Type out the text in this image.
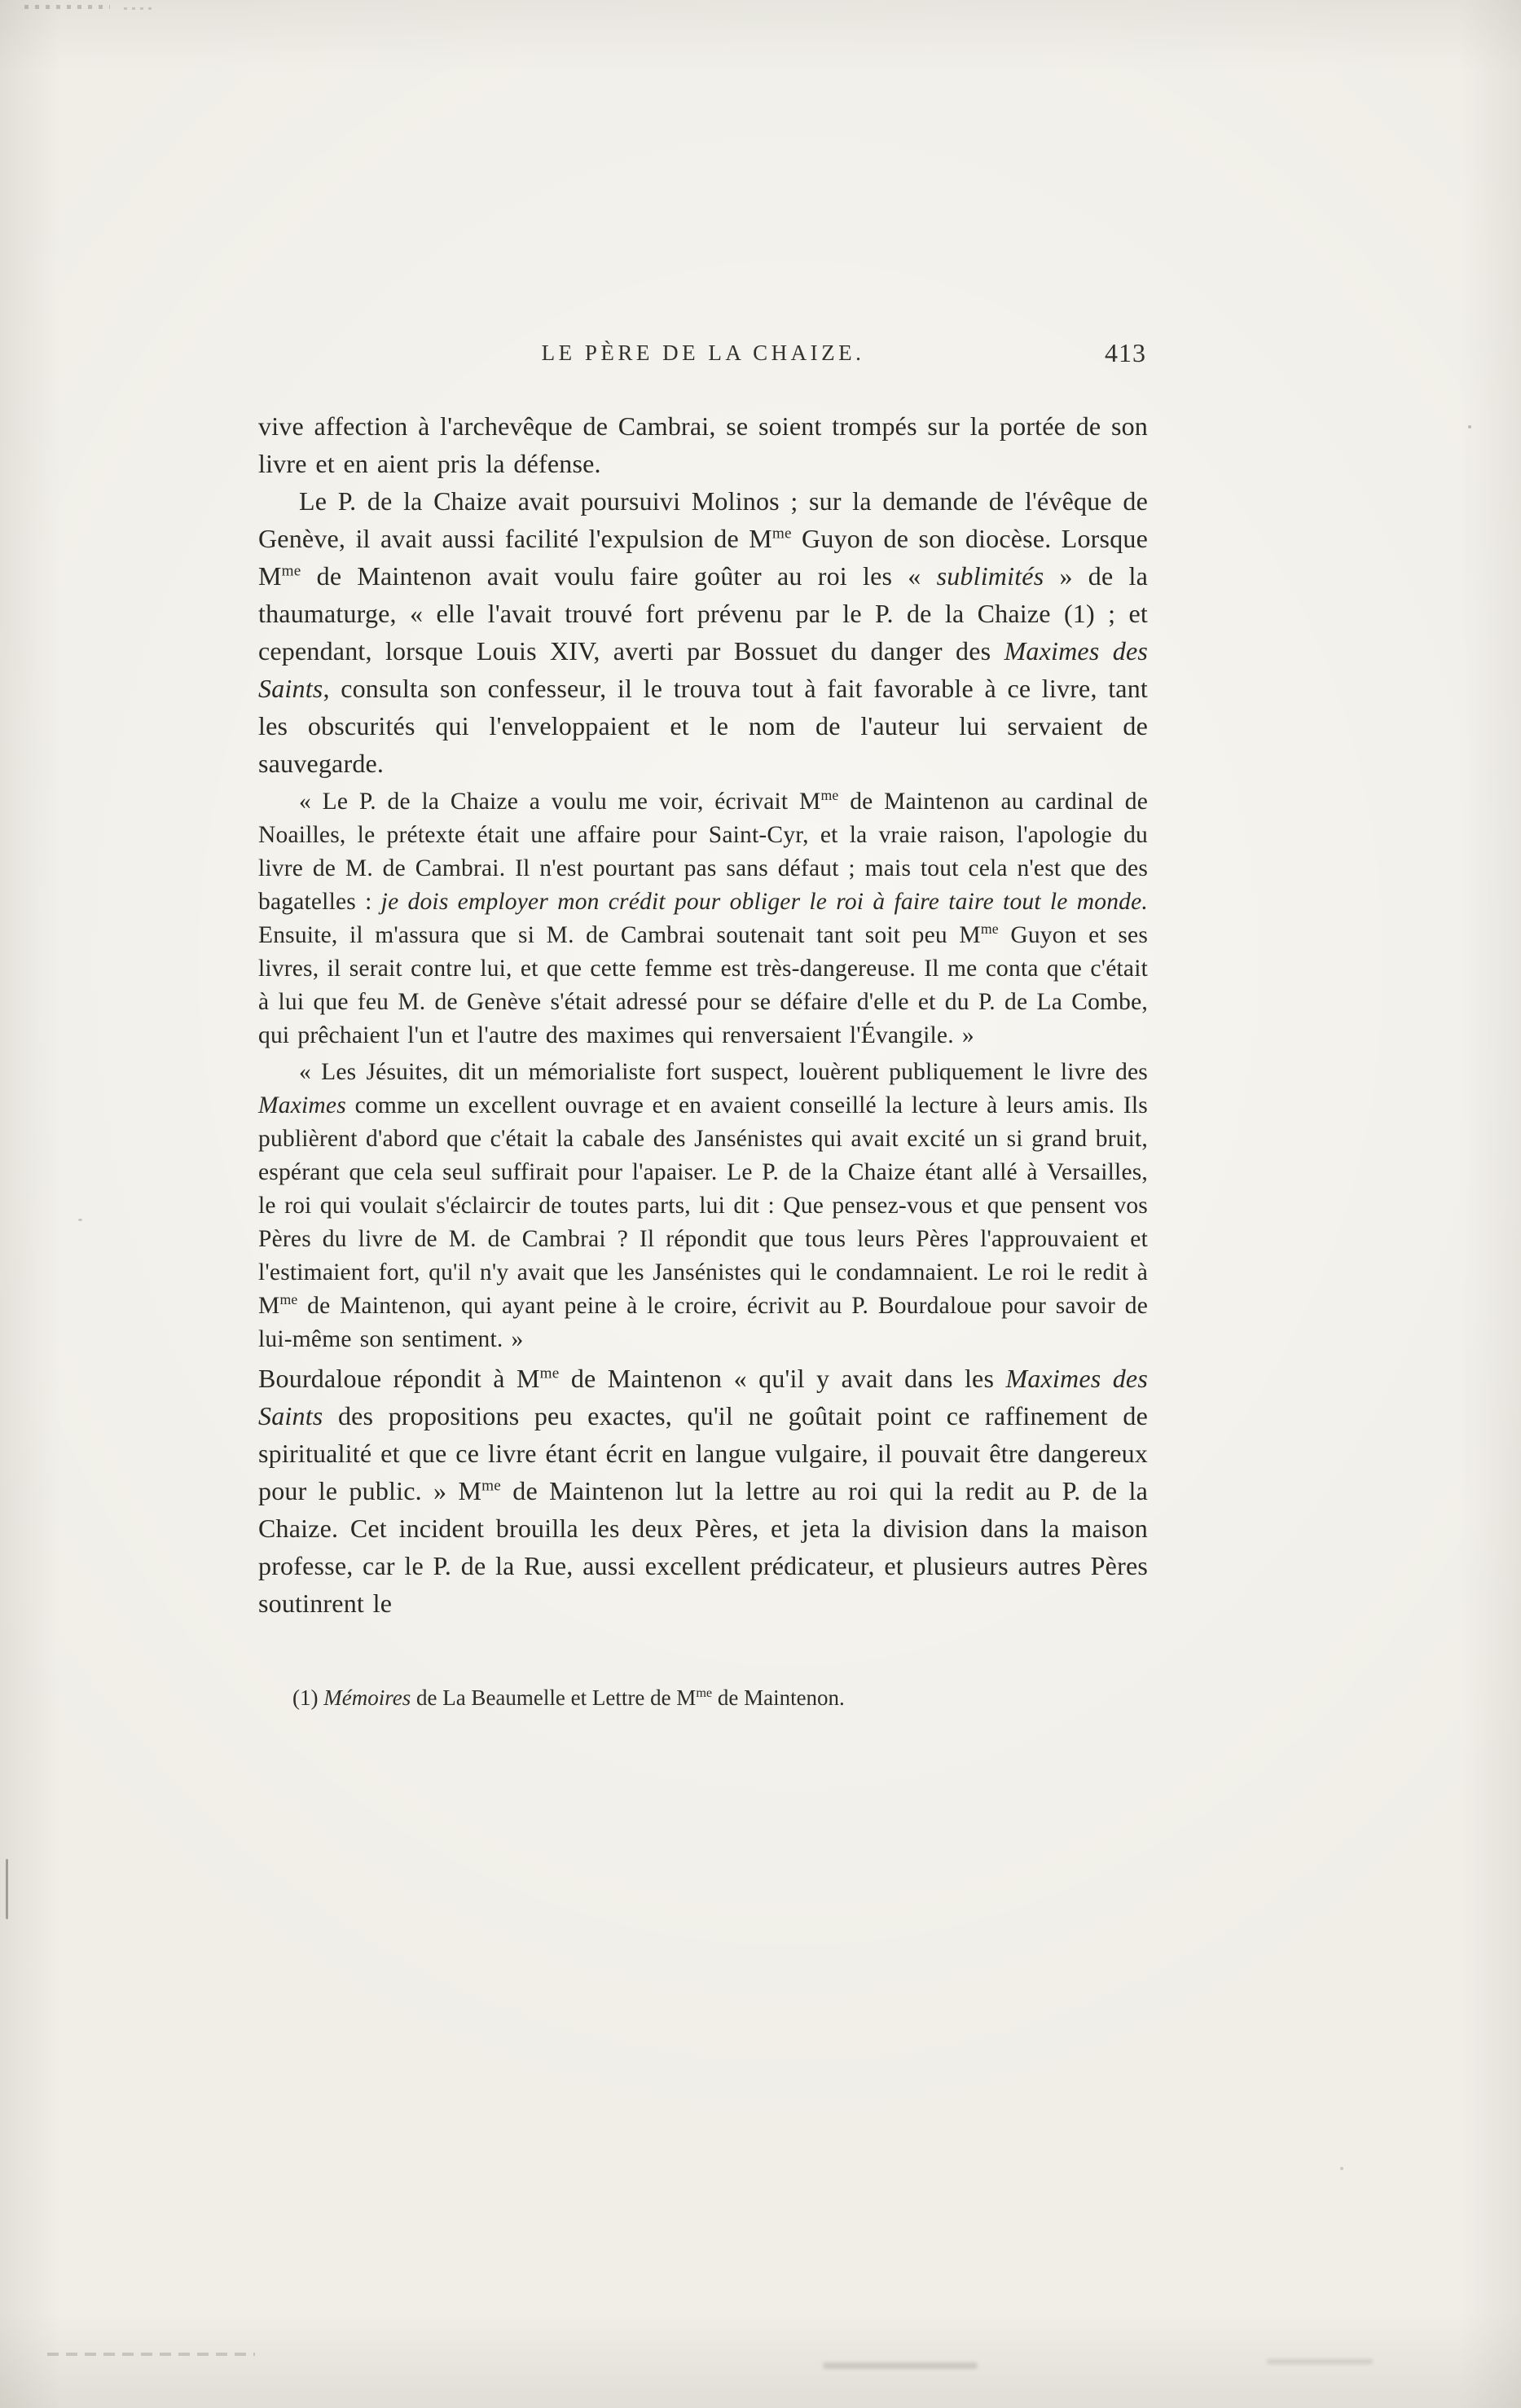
LE PÈRE DE LA CHAIZE.	413

vive affection à l'archevêque de Cambrai, se soient trompés sur la portée de son livre et en aient pris la défense.

Le P. de la Chaize avait poursuivi Molinos ; sur la demande de l'évêque de Genève, il avait aussi facilité l'expulsion de $M^{me}$ Guyon de son diocèse. Lorsque $M^{me}$ de Maintenon avait voulu faire goûter au roi les « sublimités » de la thaumaturge, « elle l'avait trouvé fort prévenu par le P. de la Chaize (1) ; et cependant, lorsque Louis XIV, averti par Bossuet du danger des Maximes des Saints, consulta son confesseur, il le trouva tout à fait favorable à ce livre, tant les obscurités qui l'enveloppaient et le nom de l'auteur lui servaient de sauvegarde.

« Le P. de la Chaize a voulu me voir, écrivait $M^{me}$ de Maintenon au cardinal de Noailles, le prétexte était une affaire pour Saint-Cyr, et la vraie raison, l'apologie du livre de M. de Cambrai. Il n'est pourtant pas sans défaut ; mais tout cela n'est que des bagatelles : je dois employer mon crédit pour obliger le roi à faire taire tout le monde. Ensuite, il m'assura que si M. de Cambrai soutenait tant soit peu $M^{me}$ Guyon et ses livres, il serait contre lui, et que cette femme est très-dangereuse. Il me conta que c'était à lui que feu M. de Genève s'était adressé pour se défaire d'elle et du P. de La Combe, qui prêchaient l'un et l'autre des maximes qui renversaient l'Évangile. »

« Les Jésuites, dit un mémorialiste fort suspect, louèrent publiquement le livre des Maximes comme un excellent ouvrage et en avaient conseillé la lecture à leurs amis. Ils publièrent d'abord que c'était la cabale des Jansénistes qui avait excité un si grand bruit, espérant que cela seul suffirait pour l'apaiser. Le P. de la Chaize étant allé à Versailles, le roi qui voulait s'éclaircir de toutes parts, lui dit : Que pensez-vous et que pensent vos Pères du livre de M. de Cambrai ? Il répondit que tous leurs Pères l'approuvaient et l'estimaient fort, qu'il n'y avait que les Jansénistes qui le condamnaient. Le roi le redit à $M^{me}$ de Maintenon, qui ayant peine à le croire, écrivit au P. Bourdaloue pour savoir de lui-même son sentiment. »

Bourdaloue répondit à $M^{me}$ de Maintenon « qu'il y avait dans les Maximes des Saints des propositions peu exactes, qu'il ne goûtait point ce raffinement de spiritualité et que ce livre étant écrit en langue vulgaire, il pouvait être dangereux pour le public. » $M^{me}$ de Maintenon lut la lettre au roi qui la redit au P. de la Chaize. Cet incident brouilla les deux Pères, et jeta la division dans la maison professe, car le P. de la Rue, aussi excellent prédicateur, et plusieurs autres Pères soutinrent le

(1) Mémoires de La Beaumelle et Lettre de $M^{me}$ de Maintenon.
